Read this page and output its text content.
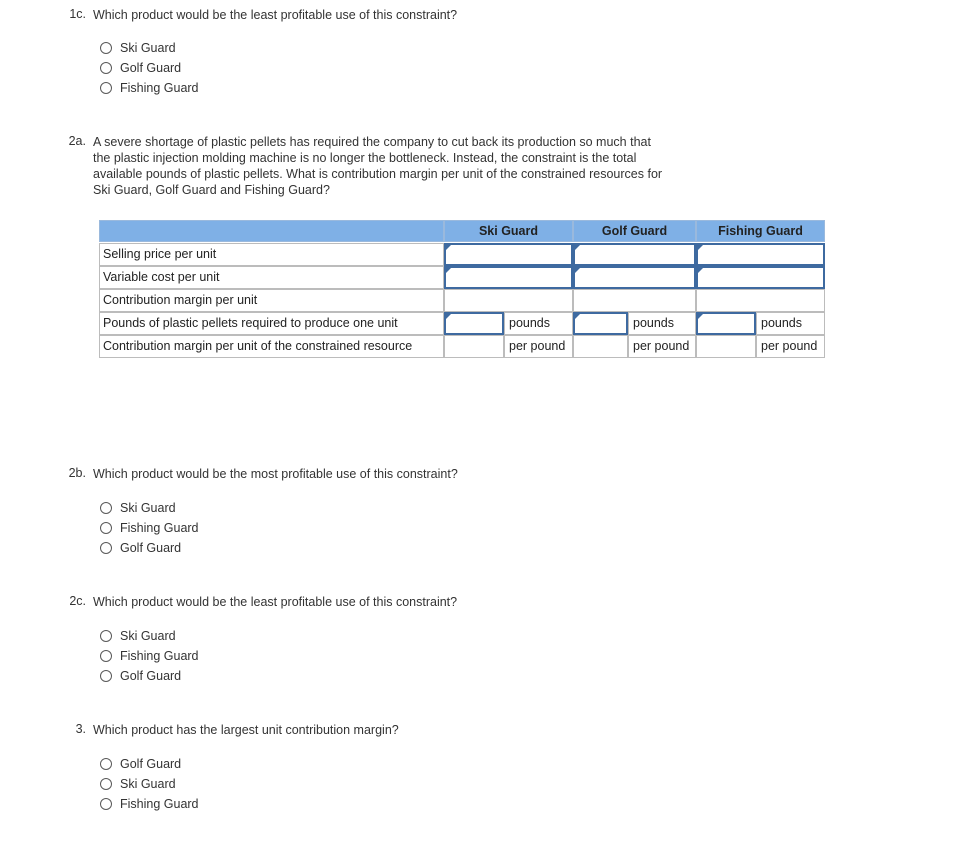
1c. Which product would be the least profitable use of this constraint?
Ski Guard
Golf Guard
Fishing Guard
2a. A severe shortage of plastic pellets has required the company to cut back its production so much that
the plastic injection molding machine is no longer the bottleneck. Instead, the constraint is the total
available pounds of plastic pellets. What is contribution margin per unit of the constrained resources for
Ski Guard, Golf Guard and Fishing Guard?
Ski Guard	Golf Guard	Fishing Guard
Selling price per unit
Variable cost per unit
Contribution margin per unit
Pounds of plastic pellets required to produce one unit	pounds	pounds	pounds
Contribution margin per unit of the constrained resource	per pound	per pound	per pound
2b. Which product would be the most profitable use of this constraint?
Ski Guard
Fishing Guard
Golf Guard
2c. Which product would be the least profitable use of this constraint?
Ski Guard
Fishing Guard
Golf Guard
3. Which product has the largest unit contribution margin?
Golf Guard
Ski Guard
Fishing Guard
